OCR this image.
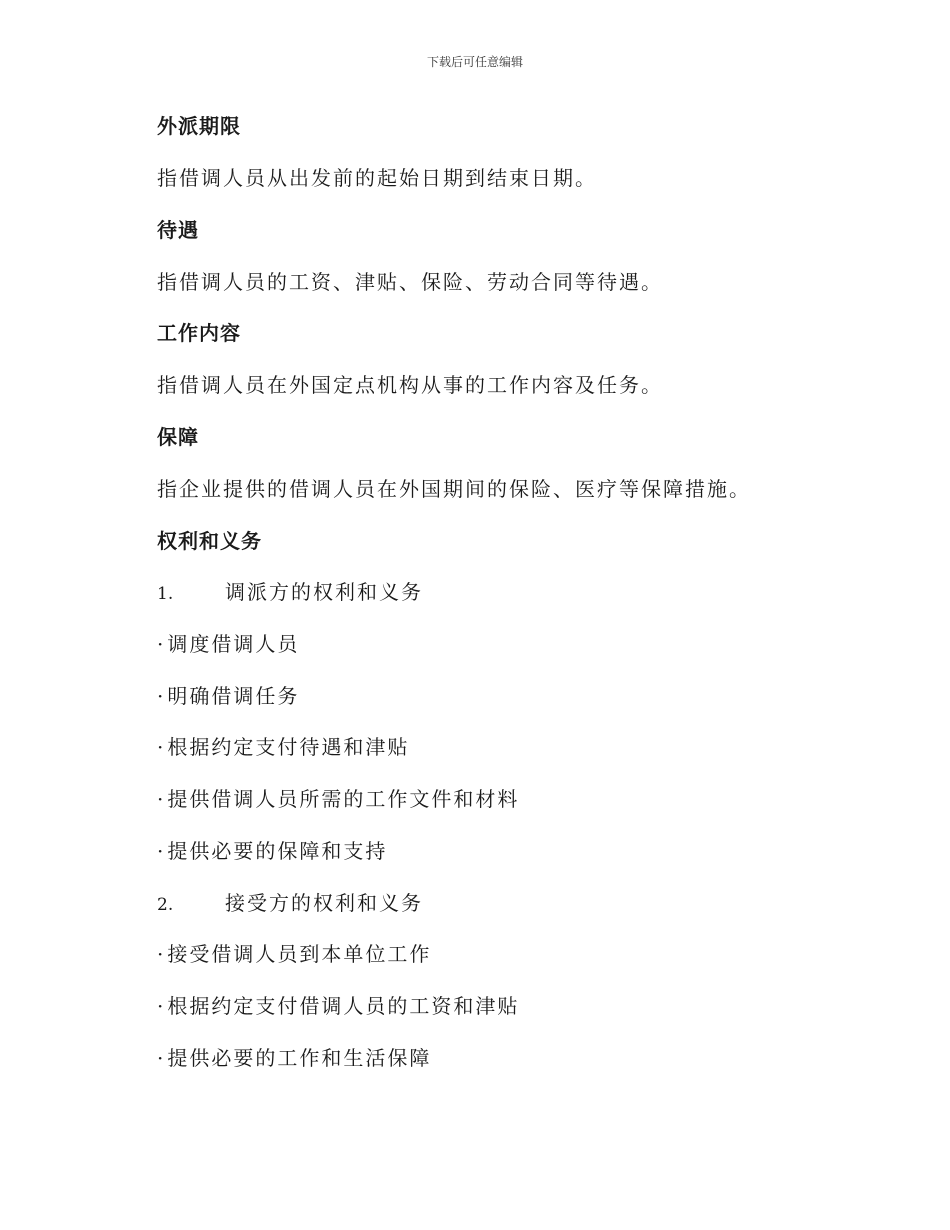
下载后可任意编辑
外派期限
指借调人员从出发前的起始日期到结束日期。
待遇
指借调人员的工资、津贴、保险、劳动合同等待遇。
工作内容
指借调人员在外国定点机构从事的工作内容及任务。
保障
指企业提供的借调人员在外国期间的保险、医疗等保障措施。
权利和义务
1.	调派方的权利和义务
· 调度借调人员
· 明确借调任务
· 根据约定支付待遇和津贴
· 提供借调人员所需的工作文件和材料
· 提供必要的保障和支持
2.	接受方的权利和义务
· 接受借调人员到本单位工作
· 根据约定支付借调人员的工资和津贴
· 提供必要的工作和生活保障
